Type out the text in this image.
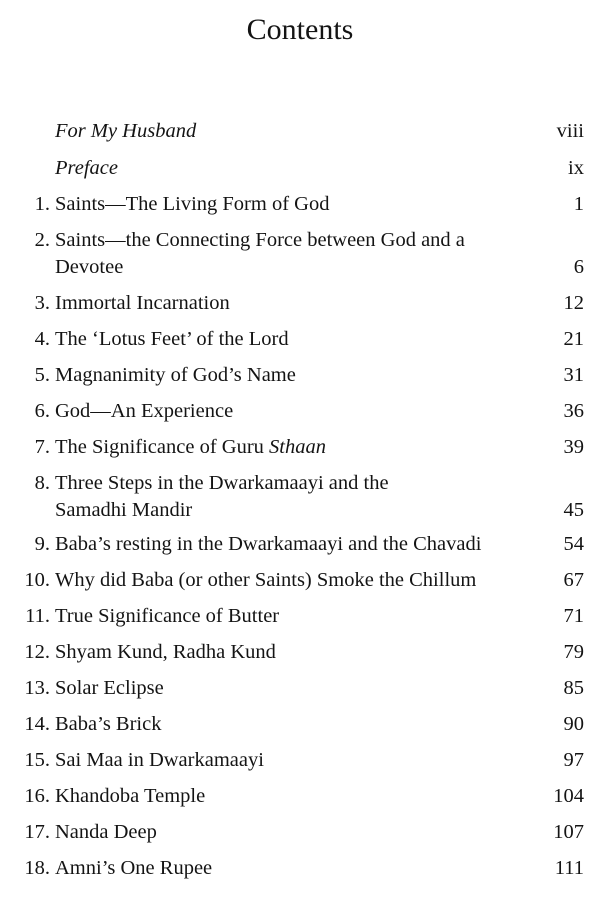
Contents
For My Husband	viii
Preface	ix
1. Saints—The Living Form of God	1
2. Saints—the Connecting Force between God and a
Devotee	6
3. Immortal Incarnation	12
4. The ‘Lotus Feet’ of the Lord	21
5. Magnanimity of God’s Name	31
6. God—An Experience	36
7. The Significance of Guru Sthaan	39
8. Three Steps in the Dwarkamaayi and the
Samadhi Mandir	45
9. Baba’s resting in the Dwarkamaayi and the Chavadi	54
10. Why did Baba (or other Saints) Smoke the Chillum	67
11. True Significance of Butter	71
12. Shyam Kund, Radha Kund	79
13. Solar Eclipse	85
14. Baba’s Brick	90
15. Sai Maa in Dwarkamaayi	97
16. Khandoba Temple	104
17. Nanda Deep	107
18. Amni’s One Rupee	111
